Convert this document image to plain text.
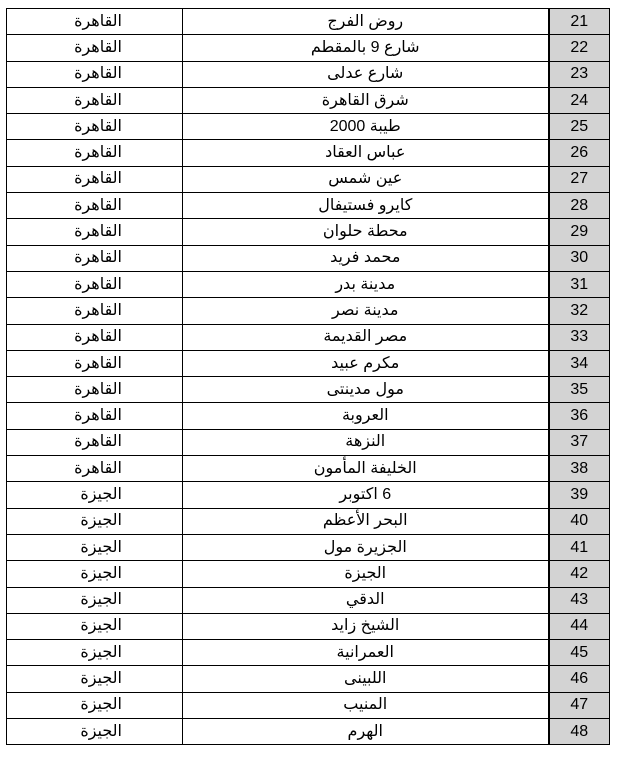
القاهرة	روض الفرج	21
القاهرة	شارع 9 بالمقطم	22
القاهرة	شارع عدلى	23
القاهرة	شرق القاهرة	24
القاهرة	طيبة 2000	25
القاهرة	عباس العقاد	26
القاهرة	عين شمس	27
القاهرة	كايرو فستيفال	28
القاهرة	محطة حلوان	29
القاهرة	محمد فريد	30
القاهرة	مدينة بدر	31
القاهرة	مدينة نصر	32
القاهرة	مصر القديمة	33
القاهرة	مكرم عبيد	34
القاهرة	مول مدينتى	35
القاهرة	العروبة	36
القاهرة	النزهة	37
القاهرة	الخليفة المأمون	38
الجيزة	6 اكتوبر	39
الجيزة	البحر الأعظم	40
الجيزة	الجزيرة مول	41
الجيزة	الجيزة	42
الجيزة	الدقي	43
الجيزة	الشيخ زايد	44
الجيزة	العمرانية	45
الجيزة	اللبينى	46
الجيزة	المنيب	47
الجيزة	الهرم	48
